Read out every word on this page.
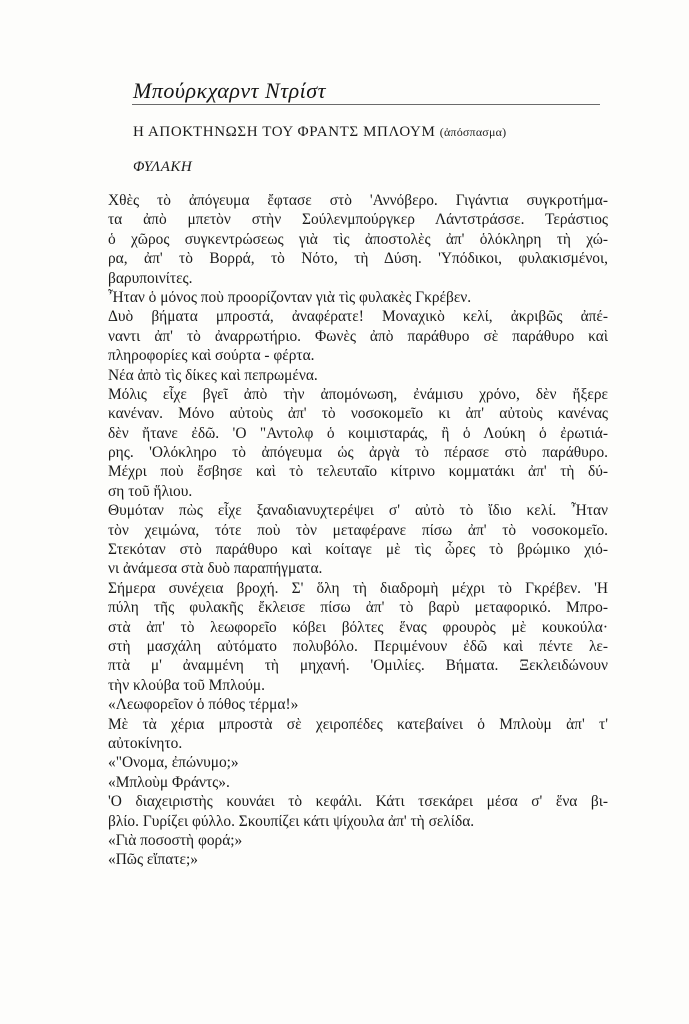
Μπούρκχαρντ Ντρίστ
Η ΑΠΟΚΤΗΝΩΣΗ ΤΟΥ ΦΡΑΝΤΣ ΜΠΛΟΥΜ (ἀπόσπασμα)
ΦΥΛΑΚΗ
Χθὲς τὸ ἀπόγευμα ἔφτασε στὸ 'Αννόβερο. Γιγάντια συγκροτήμα-
τα ἀπὸ μπετὸν στὴν Σούλενμπούργκερ Λάντστράσσε. Τεράστιος
ὁ χῶρος συγκεντρώσεως γιὰ τὶς ἀποστολὲς ἀπ' ὁλόκληρη τὴ χώ-
ρα, ἀπ' τὸ Βορρά, τὸ Νότο, τὴ Δύση. 'Υπόδικοι, φυλακισμένοι,
βαρυποινίτες.
Ἦταν ὁ μόνος ποὺ προορίζονταν γιὰ τὶς φυλακὲς Γκρέβεν.
Δυὸ βήματα μπροστά, ἀναφέρατε! Μοναχικὸ κελί, ἀκριβῶς ἀπέ-
ναντι ἀπ' τὸ ἀναρρωτήριο. Φωνὲς ἀπὸ παράθυρο σὲ παράθυρο καὶ
πληροφορίες καὶ σούρτα - φέρτα.
Νέα ἀπὸ τὶς δίκες καὶ πεπρωμένα.
Μόλις εἶχε βγεῖ ἀπὸ τὴν ἀπομόνωση, ἐνάμισυ χρόνο, δὲν ἤξερε
κανέναν. Μόνο αὐτοὺς ἀπ' τὸ νοσοκομεῖο κι ἀπ' αὐτοὺς κανένας
δὲν ἤτανε ἐδῶ. 'Ο "Αντολφ ὁ κοιμισταράς, ἢ ὁ Λούκη ὁ ἐρωτιά-
ρης. 'Ολόκληρο τὸ ἀπόγευμα ὡς ἀργὰ τὸ πέρασε στὸ παράθυρο.
Μέχρι ποὺ ἔσβησε καὶ τὸ τελευταῖο κίτρινο κομματάκι ἀπ' τὴ δύ-
ση τοῦ ἥλιου.
Θυμόταν πὼς εἶχε ξαναδιανυχτερέψει σ' αὐτὸ τὸ ἴδιο κελί. Ἦταν
τὸν χειμώνα, τότε ποὺ τὸν μεταφέρανε πίσω ἀπ' τὸ νοσοκομεῖο.
Στεκόταν στὸ παράθυρο καὶ κοίταγε μὲ τὶς ὧρες τὸ βρώμικο χιό-
νι ἀνάμεσα στὰ δυὸ παραπήγματα.
Σήμερα συνέχεια βροχή. Σ' ὅλη τὴ διαδρομὴ μέχρι τὸ Γκρέβεν. 'Η
πύλη τῆς φυλακῆς ἔκλεισε πίσω ἀπ' τὸ βαρὺ μεταφορικό. Μπρο-
στὰ ἀπ' τὸ λεωφορεῖο κόβει βόλτες ἕνας φρουρὸς μὲ κουκούλα·
στὴ μασχάλη αὐτόματο πολυβόλο. Περιμένουν ἐδῶ καὶ πέντε λε-
πτὰ μ' ἀναμμένη τὴ μηχανή. 'Ομιλίες. Βήματα. Ξεκλειδώνουν
τὴν κλούβα τοῦ Μπλούμ.
«Λεωφορεῖον ὁ πόθος τέρμα!»
Μὲ τὰ χέρια μπροστὰ σὲ χειροπέδες κατεβαίνει ὁ Μπλοὺμ ἀπ' τ'
αὐτοκίνητο.
«"Ονομα, ἐπώνυμο;»
«Μπλοὺμ Φράντς».
'Ο διαχειριστὴς κουνάει τὸ κεφάλι. Κάτι τσεκάρει μέσα σ' ἕνα βι-
βλίο. Γυρίζει φύλλο. Σκουπίζει κάτι ψίχουλα ἀπ' τὴ σελίδα.
«Γιὰ ποσοστὴ φορά;»
«Πῶς εἴπατε;»
